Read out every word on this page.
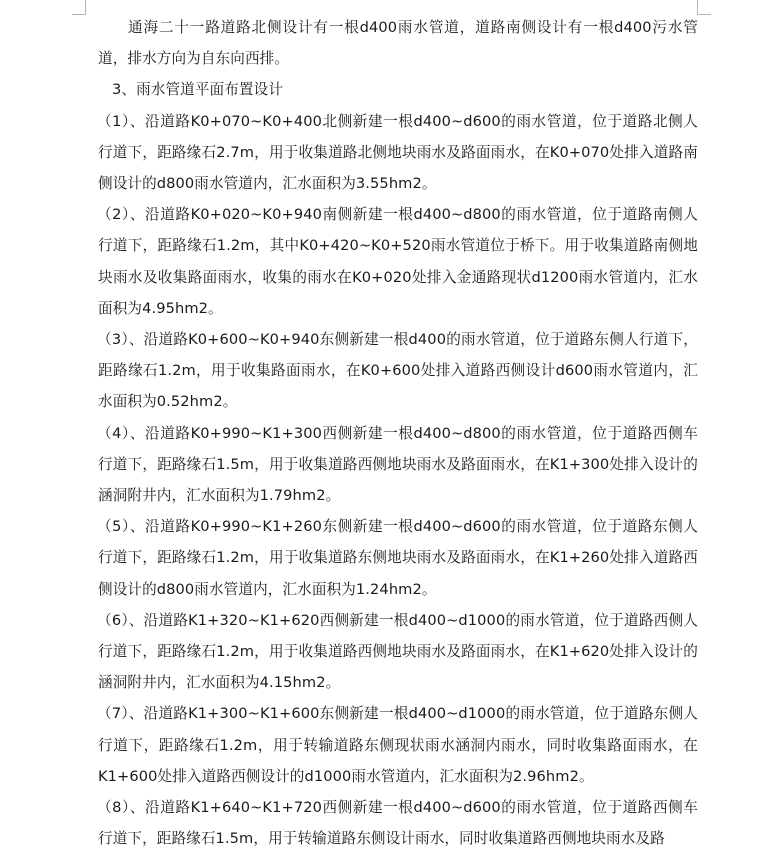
通海二十一路道路北侧设计有一根d400雨水管道，道路南侧设计有一根d400污水管道，排水方向为自东向西排。

3、雨水管道平面布置设计

（1）、沿道路K0+070~K0+400北侧新建一根d400~d600的雨水管道，位于道路北侧人行道下，距路缘石2.7m，用于收集道路北侧地块雨水及路面雨水，在K0+070处排入道路南侧设计的d800雨水管道内，汇水面积为3.55hm2。

（2）、沿道路K0+020~K0+940南侧新建一根d400~d800的雨水管道，位于道路南侧人行道下，距路缘石1.2m，其中K0+420~K0+520雨水管道位于桥下。用于收集道路南侧地块雨水及收集路面雨水，收集的雨水在K0+020处排入金通路现状d1200雨水管道内，汇水面积为4.95hm2。

（3）、沿道路K0+600~K0+940东侧新建一根d400的雨水管道，位于道路东侧人行道下，距路缘石1.2m，用于收集路面雨水，在K0+600处排入道路西侧设计d600雨水管道内，汇水面积为0.52hm2。

（4）、沿道路K0+990~K1+300西侧新建一根d400~d800的雨水管道，位于道路西侧车行道下，距路缘石1.5m，用于收集道路西侧地块雨水及路面雨水，在K1+300处排入设计的涵洞附井内，汇水面积为1.79hm2。

（5）、沿道路K0+990~K1+260东侧新建一根d400~d600的雨水管道，位于道路东侧人行道下，距路缘石1.2m，用于收集道路东侧地块雨水及路面雨水，在K1+260处排入道路西侧设计的d800雨水管道内，汇水面积为1.24hm2。

（6）、沿道路K1+320~K1+620西侧新建一根d400~d1000的雨水管道，位于道路西侧人行道下，距路缘石1.2m，用于收集道路西侧地块雨水及路面雨水，在K1+620处排入设计的涵洞附井内，汇水面积为4.15hm2。

（7）、沿道路K1+300~K1+600东侧新建一根d400~d1000的雨水管道，位于道路东侧人行道下，距路缘石1.2m，用于转输道路东侧现状雨水涵洞内雨水，同时收集路面雨水，在K1+600处排入道路西侧设计的d1000雨水管道内，汇水面积为2.96hm2。

（8）、沿道路K1+640~K1+720西侧新建一根d400~d600的雨水管道，位于道路西侧车行道下，距路缘石1.5m，用于转输道路东侧设计雨水，同时收集道路西侧地块雨水及路
